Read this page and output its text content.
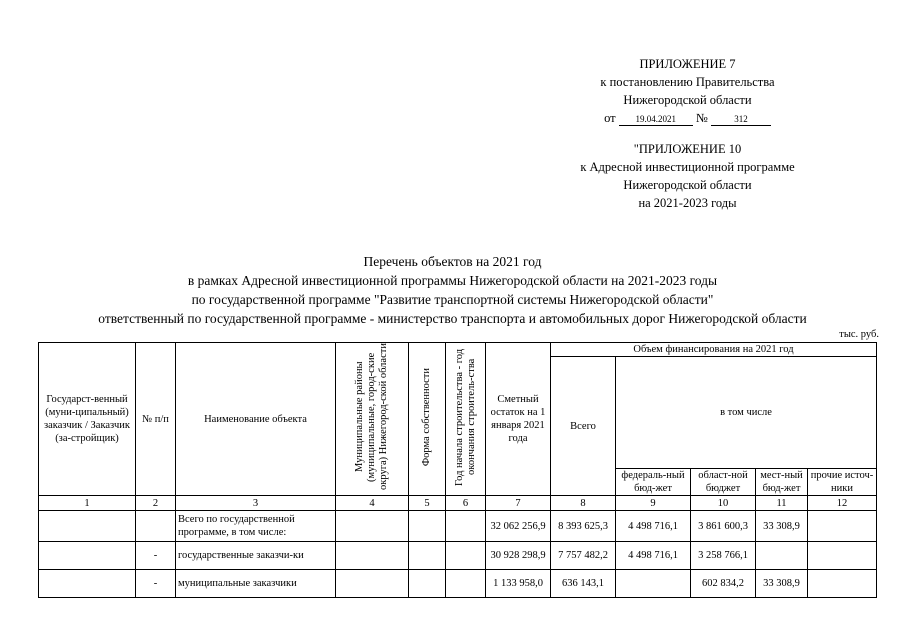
ПРИЛОЖЕНИЕ 7
к постановлению Правительства
Нижегородской области
от 19.04.2021 №	312
"ПРИЛОЖЕНИЕ 10
к Адресной инвестиционной программе
Нижегородской области
на 2021-2023 годы
Перечень объектов на 2021 год
в рамках Адресной инвестиционной программы Нижегородской области на 2021-2023 годы
по государственной программе "Развитие транспортной системы Нижегородской области"
ответственный по государственной программе - министерство транспорта и автомобильных дорог Нижегородской области
тыс. руб.
Государст-венный (муни-ципальный) заказчик / Заказчик (за-стройщик)	№ п/п	Наименование объекта	Муниципальные районы (муниципальные, город-ские округа) Нижегород-ской области	Форма собственности	Год начала строительства - год окончания строитель-ства	Сметный остаток на 1 января 2021 года	Объем финансирования на 2021 год				
							Всего	в том числе			
								федераль-ный бюд-жет	област-ной бюджет	мест-ный бюд-жет	прочие источ-ники
1	2	3	4	5	6	7	8	9	10	11	12
		Всего по государственной программе, в том числе:				32 062 256,9	8 393 625,3	4 498 716,1	3 861 600,3	33 308,9	
	-	государственные заказчи-ки				30 928 298,9	7 757 482,2	4 498 716,1	3 258 766,1		
	-	муниципальные заказчики				1 133 958,0	636 143,1		602 834,2	33 308,9	
